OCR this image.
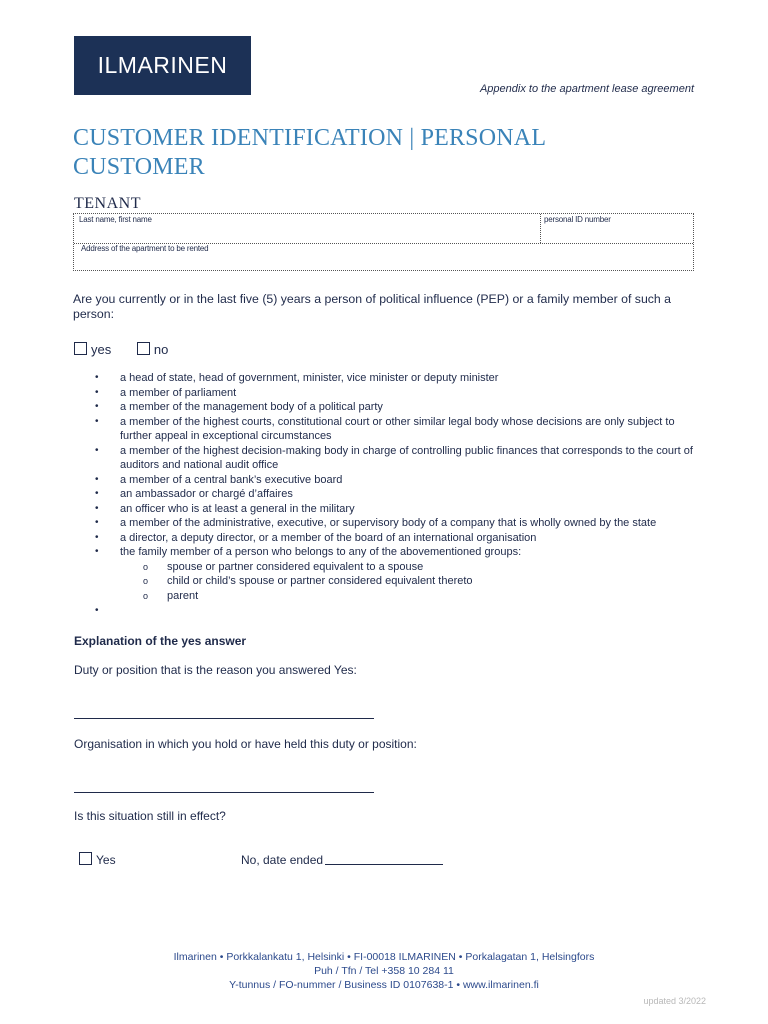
ILMARINEN
Appendix to the apartment lease agreement
CUSTOMER IDENTIFICATION | PERSONAL CUSTOMER
TENANT
Last name, first name	personal ID number
Address of the apartment to be rented
Are you currently or in the last five (5) years a person of political influence (PEP) or a family member of such a person:
yes	no
• a head of state, head of government, minister, vice minister or deputy minister
• a member of parliament
• a member of the management body of a political party
• a member of the highest courts, constitutional court or other similar legal body whose decisions are only subject to further appeal in exceptional circumstances
• a member of the highest decision-making body in charge of controlling public finances that corresponds to the court of auditors and national audit office
• a member of a central bank’s executive board
• an ambassador or chargé d’affaires
• an officer who is at least a general in the military
• a member of the administrative, executive, or supervisory body of a company that is wholly owned by the state
• a director, a deputy director, or a member of the board of an international organisation
• the family member of a person who belongs to any of the abovementioned groups:
o spouse or partner considered equivalent to a spouse
o child or child’s spouse or partner considered equivalent thereto
o parent
•
Explanation of the yes answer
Duty or position that is the reason you answered Yes:
Organisation in which you hold or have held this duty or position:
Is this situation still in effect?
Yes	No, date ended
Ilmarinen • Porkkalankatu 1, Helsinki • FI-00018 ILMARINEN • Porkalagatan 1, Helsingfors
Puh / Tfn / Tel +358 10 284 11
Y-tunnus / FO-nummer / Business ID 0107638-1 • www.ilmarinen.fi
updated 3/2022
